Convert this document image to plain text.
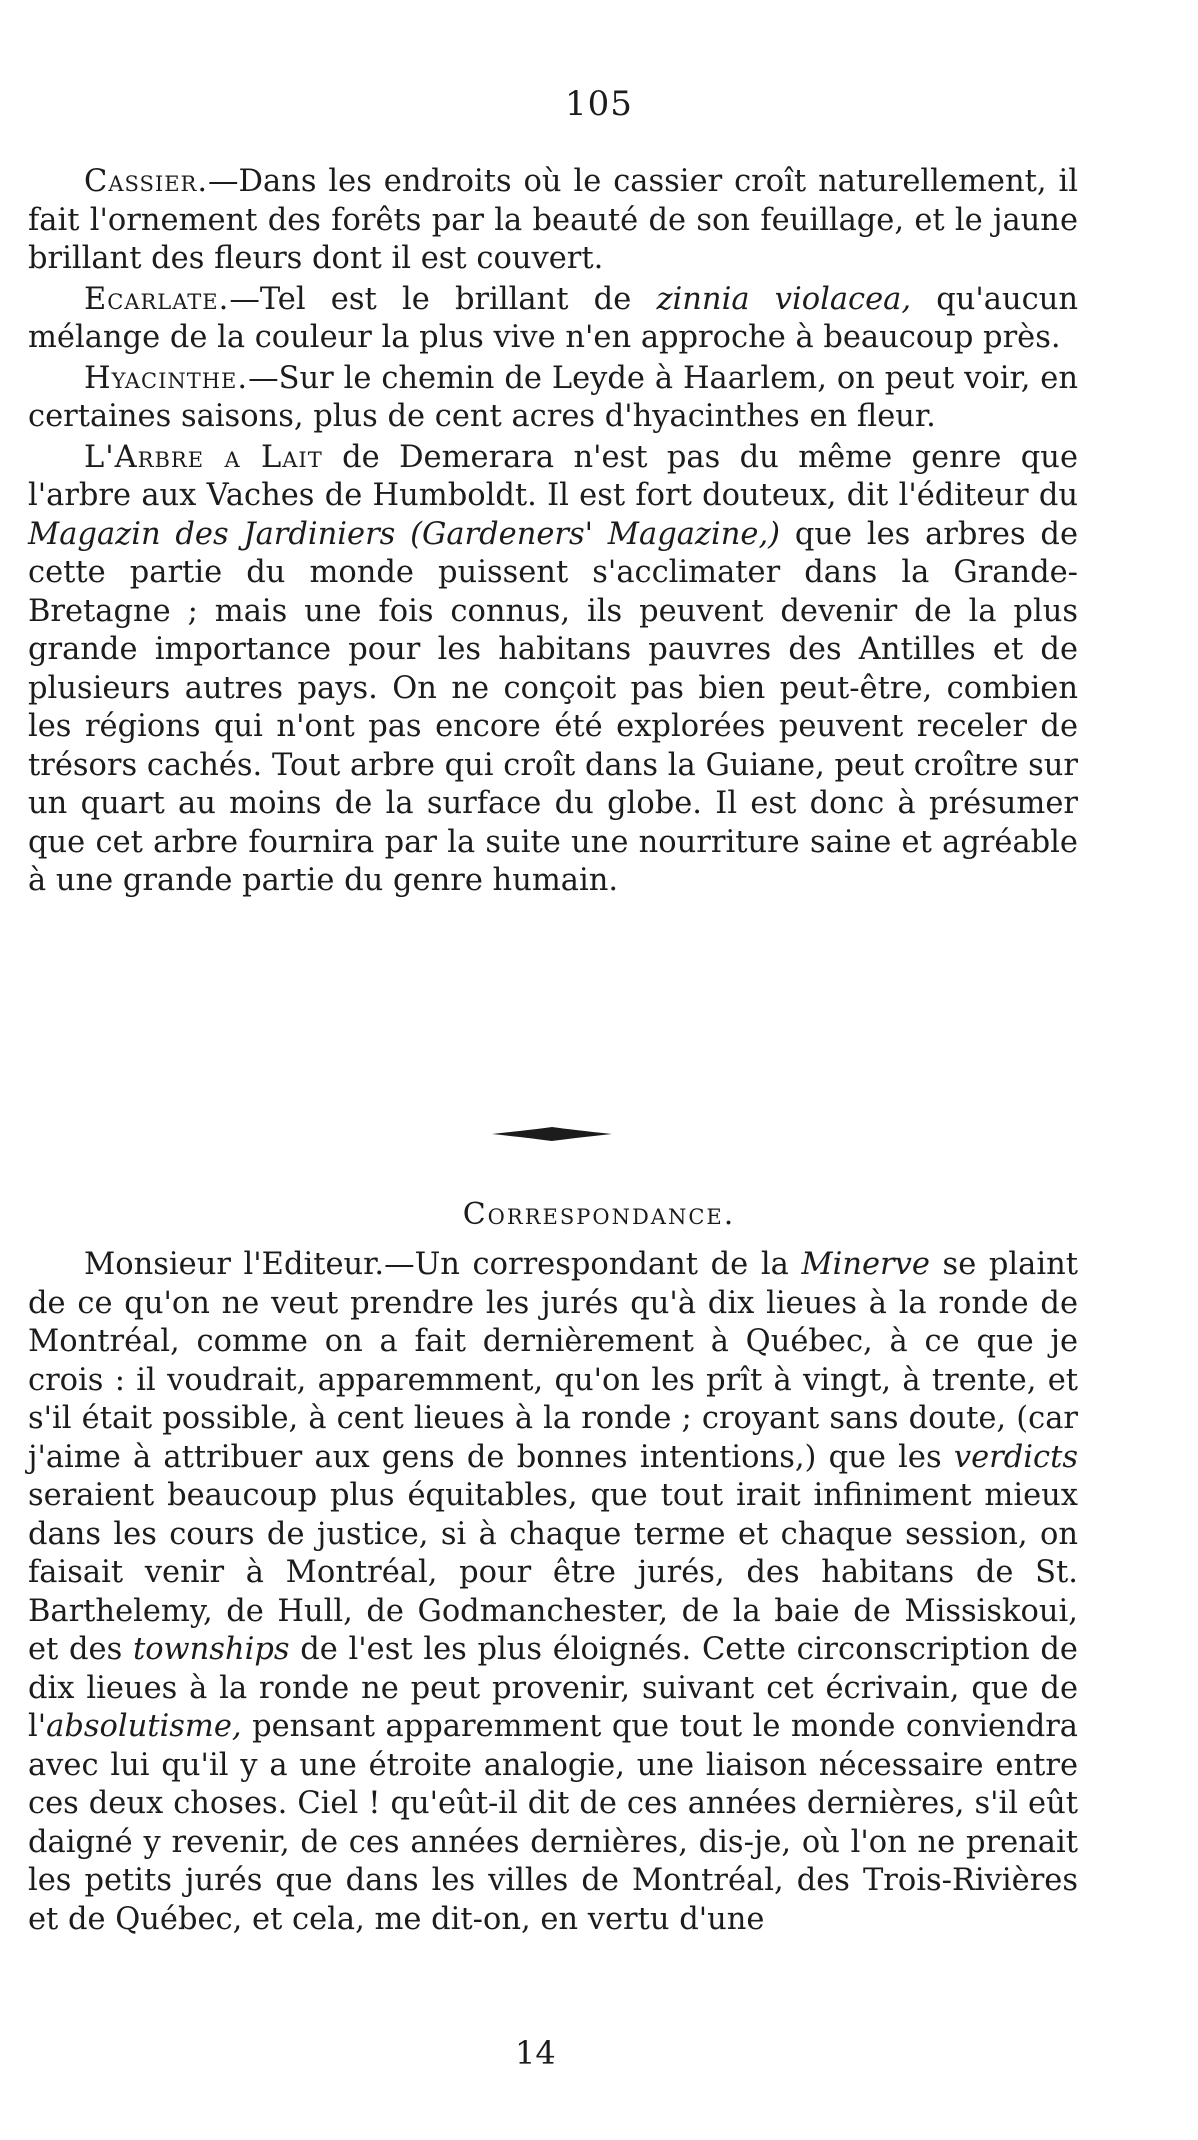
105

Cassier.—Dans les endroits où le cassier croît naturellement, il fait l'ornement des forêts par la beauté de son feuillage, et le jaune brillant des fleurs dont il est couvert.

Ecarlate.—Tel est le brillant de zinnia violacea, qu'aucun mélange de la couleur la plus vive n'en approche à beaucoup près.

Hyacinthe.—Sur le chemin de Leyde à Haarlem, on peut voir, en certaines saisons, plus de cent acres d'hyacinthes en fleur.

L'Arbre a Lait de Demerara n'est pas du même genre que l'arbre aux Vaches de Humboldt. Il est fort douteux, dit l'éditeur du Magazin des Jardiniers (Gardeners' Magazine,) que les arbres de cette partie du monde puissent s'acclimater dans la Grande-Bretagne ; mais une fois connus, ils peuvent devenir de la plus grande importance pour les habitans pauvres des Antilles et de plusieurs autres pays. On ne conçoit pas bien peut-être, combien les régions qui n'ont pas encore été explorées peuvent receler de trésors cachés. Tout arbre qui croît dans la Guiane, peut croître sur un quart au moins de la surface du globe. Il est donc à présumer que cet arbre fournira par la suite une nourriture saine et agréable à une grande partie du genre humain.

Correspondance.

Monsieur l'Editeur.—Un correspondant de la Minerve se plaint de ce qu'on ne veut prendre les jurés qu'à dix lieues à la ronde de Montréal, comme on a fait dernièrement à Québec, à ce que je crois : il voudrait, apparemment, qu'on les prît à vingt, à trente, et s'il était possible, à cent lieues à la ronde ; croyant sans doute, (car j'aime à attribuer aux gens de bonnes intentions,) que les verdicts seraient beaucoup plus équitables, que tout irait infiniment mieux dans les cours de justice, si à chaque terme et chaque session, on faisait venir à Montréal, pour être jurés, des habitans de St. Barthelemy, de Hull, de Godmanchester, de la baie de Missiskoui, et des townships de l'est les plus éloignés. Cette circonscription de dix lieues à la ronde ne peut provenir, suivant cet écrivain, que de l'absolutisme, pensant apparemment que tout le monde conviendra avec lui qu'il y a une étroite analogie, une liaison nécessaire entre ces deux choses. Ciel ! qu'eût-il dit de ces années dernières, s'il eût daigné y revenir, de ces années dernières, dis-je, où l'on ne prenait les petits jurés que dans les villes de Montréal, des Trois-Rivières et de Québec, et cela, me dit-on, en vertu d'une

14
